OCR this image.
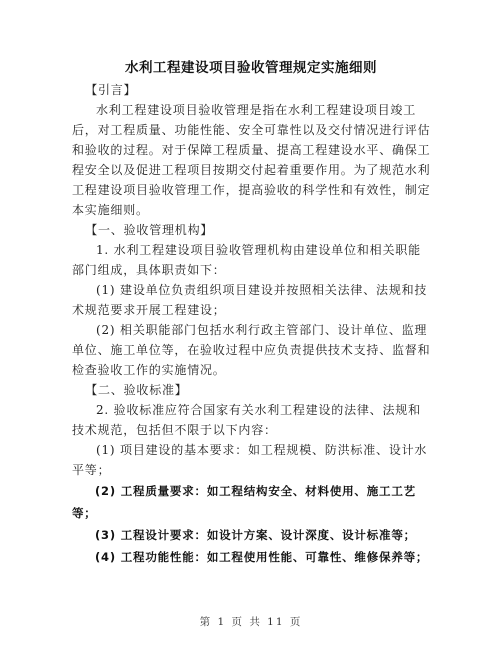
水利工程建设项目验收管理规定实施细则

【引言】

水利工程建设项目验收管理是指在水利工程建设项目竣工后，对工程质量、功能性能、安全可靠性以及交付情况进行评估和验收的过程。对于保障工程质量、提高工程建设水平、确保工程安全以及促进工程项目按期交付起着重要作用。为了规范水利工程建设项目验收管理工作，提高验收的科学性和有效性，制定本实施细则。

【一、验收管理机构】

1. 水利工程建设项目验收管理机构由建设单位和相关职能部门组成，具体职责如下：

(1) 建设单位负责组织项目建设并按照相关法律、法规和技术规范要求开展工程建设；

(2) 相关职能部门包括水利行政主管部门、设计单位、监理单位、施工单位等，在验收过程中应负责提供技术支持、监督和检查验收工作的实施情况。

【二、验收标准】

2. 验收标准应符合国家有关水利工程建设的法律、法规和技术规范，包括但不限于以下内容：

(1) 项目建设的基本要求：如工程规模、防洪标准、设计水平等；

(2) 工程质量要求：如工程结构安全、材料使用、施工工艺等；

(3) 工程设计要求：如设计方案、设计深度、设计标准等；

(4) 工程功能性能：如工程使用性能、可靠性、维修保养等；

第 1 页 共 11 页
